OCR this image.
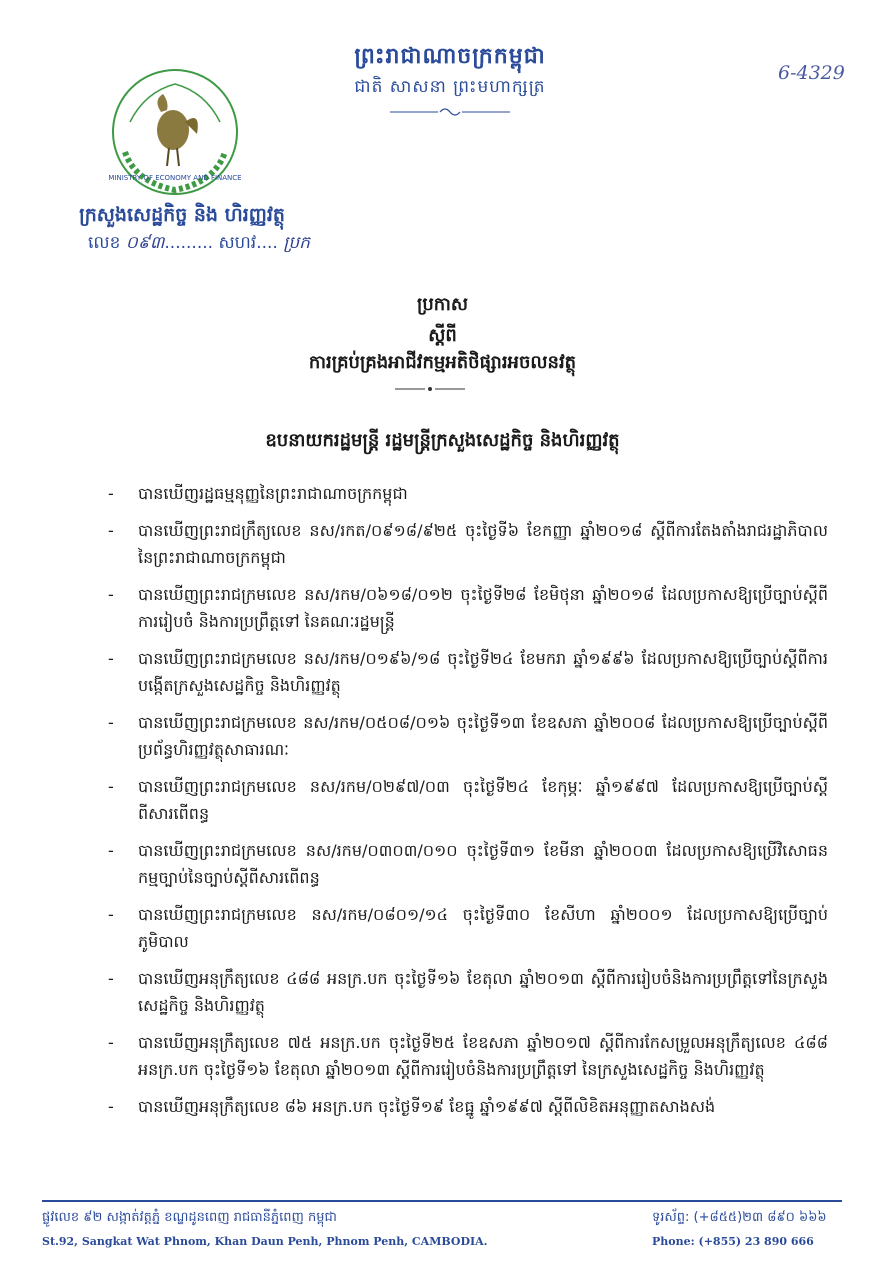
MINISTRY OF ECONOMY AND FINANCE
ក្រសួងសេដ្ឋកិច្ច និង ហិរញ្ញវត្ថុ
លេខ ០៩៣......... សហវ.... ប្រក
ព្រះរាជាណាចក្រកម្ពុជា
ជាតិ សាសនា ព្រះមហាក្សត្រ
6-4329
ប្រកាស
ស្តីពី
ការគ្រប់គ្រងអាជីវកម្មអតិថិផ្សារអចលនវត្ថុ
ឧបនាយករដ្ឋមន្ត្រី រដ្ឋមន្ត្រីក្រសួងសេដ្ឋកិច្ច និងហិរញ្ញវត្ថុ
- បានឃើញរដ្ឋធម្មនុញ្ញនៃព្រះរាជាណាចក្រកម្ពុជា
- បានឃើញព្រះរាជក្រឹត្យលេខ នស/រកត/០៩១៨/៩២៥ ចុះថ្ងៃទី៦ ខែកញ្ញា ឆ្នាំ២០១៨ ស្តីពីការតែងតាំងរាជរដ្ឋាភិបាល នៃព្រះរាជាណាចក្រកម្ពុជា
- បានឃើញព្រះរាជក្រមលេខ នស/រកម/០៦១៨/០១២ ចុះថ្ងៃទី២៨ ខែមិថុនា ឆ្នាំ២០១៨ ដែលប្រកាសឱ្យប្រើច្បាប់ស្តីពីការរៀបចំ និងការប្រព្រឹត្តទៅ នៃគណៈរដ្ឋមន្ត្រី
- បានឃើញព្រះរាជក្រមលេខ នស/រកម/០១៩៦/១៨ ចុះថ្ងៃទី២៤ ខែមករា ឆ្នាំ១៩៩៦ ដែលប្រកាសឱ្យប្រើច្បាប់ស្តីពីការបង្កើតក្រសួងសេដ្ឋកិច្ច និងហិរញ្ញវត្ថុ
- បានឃើញព្រះរាជក្រមលេខ នស/រកម/០៥០៨/០១៦ ចុះថ្ងៃទី១៣ ខែឧសភា ឆ្នាំ២០០៨ ដែលប្រកាសឱ្យប្រើច្បាប់ស្តីពីប្រព័ន្ធហិរញ្ញវត្ថុសាធារណៈ
- បានឃើញព្រះរាជក្រមលេខ នស/រកម/០២៩៧/០៣ ចុះថ្ងៃទី២៤ ខែកុម្ភៈ ឆ្នាំ១៩៩៧ ដែលប្រកាសឱ្យប្រើច្បាប់ស្តីពីសារពើពន្ធ
- បានឃើញព្រះរាជក្រមលេខ នស/រកម/០៣០៣/០១០ ចុះថ្ងៃទី៣១ ខែមីនា ឆ្នាំ២០០៣ ដែលប្រកាសឱ្យប្រើវិសោធនកម្មច្បាប់នៃច្បាប់ស្តីពីសារពើពន្ធ
- បានឃើញព្រះរាជក្រមលេខ នស/រកម/០៨០១/១៤ ចុះថ្ងៃទី៣០ ខែសីហា ឆ្នាំ២០០១ ដែលប្រកាសឱ្យប្រើច្បាប់ភូមិបាល
- បានឃើញអនុក្រឹត្យលេខ ៤៨៨ អនក្រ.បក ចុះថ្ងៃទី១៦ ខែតុលា ឆ្នាំ២០១៣ ស្តីពីការរៀបចំនិងការប្រព្រឹត្តទៅនៃក្រសួងសេដ្ឋកិច្ច និងហិរញ្ញវត្ថុ
- បានឃើញអនុក្រឹត្យលេខ ៧៥ អនក្រ.បក ចុះថ្ងៃទី២៥ ខែឧសភា ឆ្នាំ២០១៧ ស្តីពីការកែសម្រួលអនុក្រឹត្យលេខ ៤៨៨ អនក្រ.បក ចុះថ្ងៃទី១៦ ខែតុលា ឆ្នាំ២០១៣ ស្តីពីការរៀបចំនិងការប្រព្រឹត្តទៅ នៃក្រសួងសេដ្ឋកិច្ច និងហិរញ្ញវត្ថុ
- បានឃើញអនុក្រឹត្យលេខ ៨៦ អនក្រ.បក ចុះថ្ងៃទី១៩ ខែធ្នូ ឆ្នាំ១៩៩៧ ស្តីពីលិខិតអនុញ្ញាតសាងសង់
ផ្លូវលេខ ៩២ សង្កាត់វត្តភ្នំ ខណ្ឌដូនពេញ រាជធានីភ្នំពេញ កម្ពុជា
St.92, Sangkat Wat Phnom, Khan Daun Penh, Phnom Penh, CAMBODIA.
ទូរស័ព្ទ: (+៨៥៥)២៣ ៨៩០ ៦៦៦
Phone: (+855) 23 890 666
